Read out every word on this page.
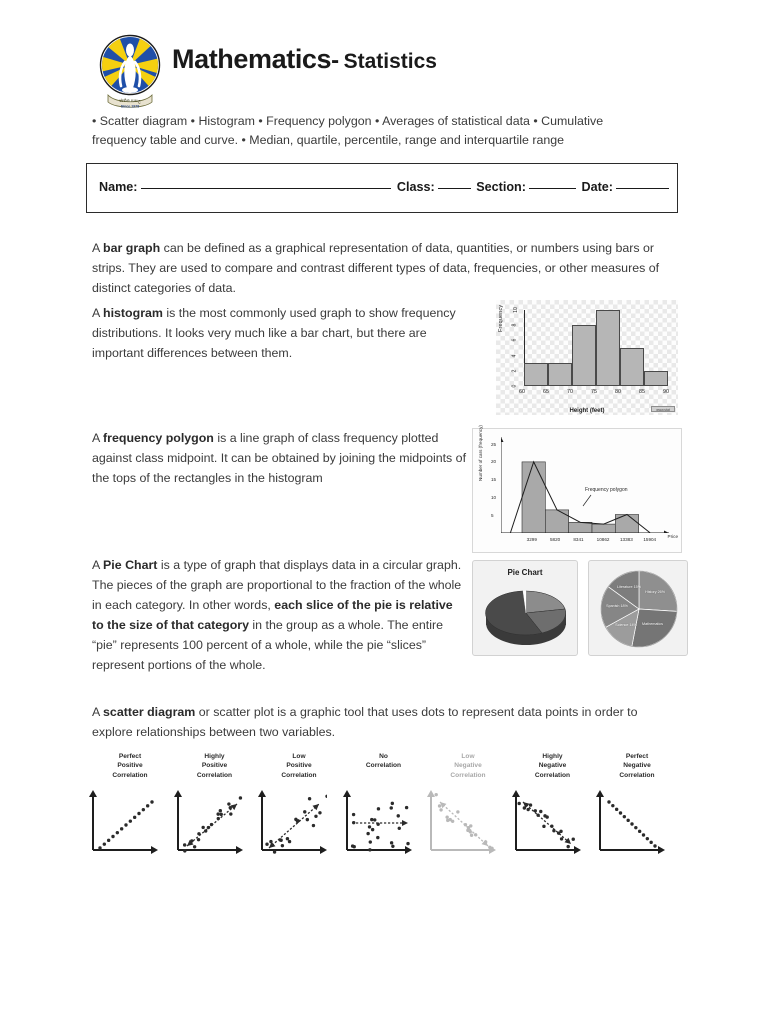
ජාතික පාසල
Since 1978
Mathematics- Statistics
• Scatter diagram • Histogram • Frequency polygon • Averages of statistical data • Cumulative frequency table and curve. • Median, quartile, percentile, range and interquartile range
Name:	Class:	Section:	Date:
A bar graph can be defined as a graphical representation of data, quantities, or numbers using bars or strips. They are used to compare and contrast different types of data, frequencies, or other measures of distinct categories of data.
A histogram is the most commonly used graph to show frequency distributions. It looks very much like a bar chart, but there are important differences between them.
A frequency polygon is a line graph of class frequency plotted against class midpoint. It can be obtained by joining the midpoints of the tops of the rectangles in the histogram
A Pie Chart is a type of graph that displays data in a circular graph. The pieces of the graph are proportional to the fraction of the whole in each category. In other words, each slice of the pie is relative to the size of that category in the group as a whole. The entire “pie” represents 100 percent of a whole, while the pie “slices” represent portions of the whole.
A scatter diagram or scatter plot is a graphic tool that uses dots to represent data points in order to explore relationships between two variables.
Frequency
0
2
4
6
8
10
60	65	70	75	80	85	90
Height (feet)	www.stat
Number of cars (frequency)
5
10
15
20
25
3299	5820	8341	10862 13383 15904
Frequency polygon
Price
Pie Chart
History 26%
Mathematics
Science 14%
Spanish 18%
Literature 15%
Perfect
Positive
Correlation
Highly
Positive
Correlation
Low
Positive
Correlation
No
Correlation
Low
Negative
Correlation
Highly
Negative
Correlation
Perfect
Negative
Correlation
